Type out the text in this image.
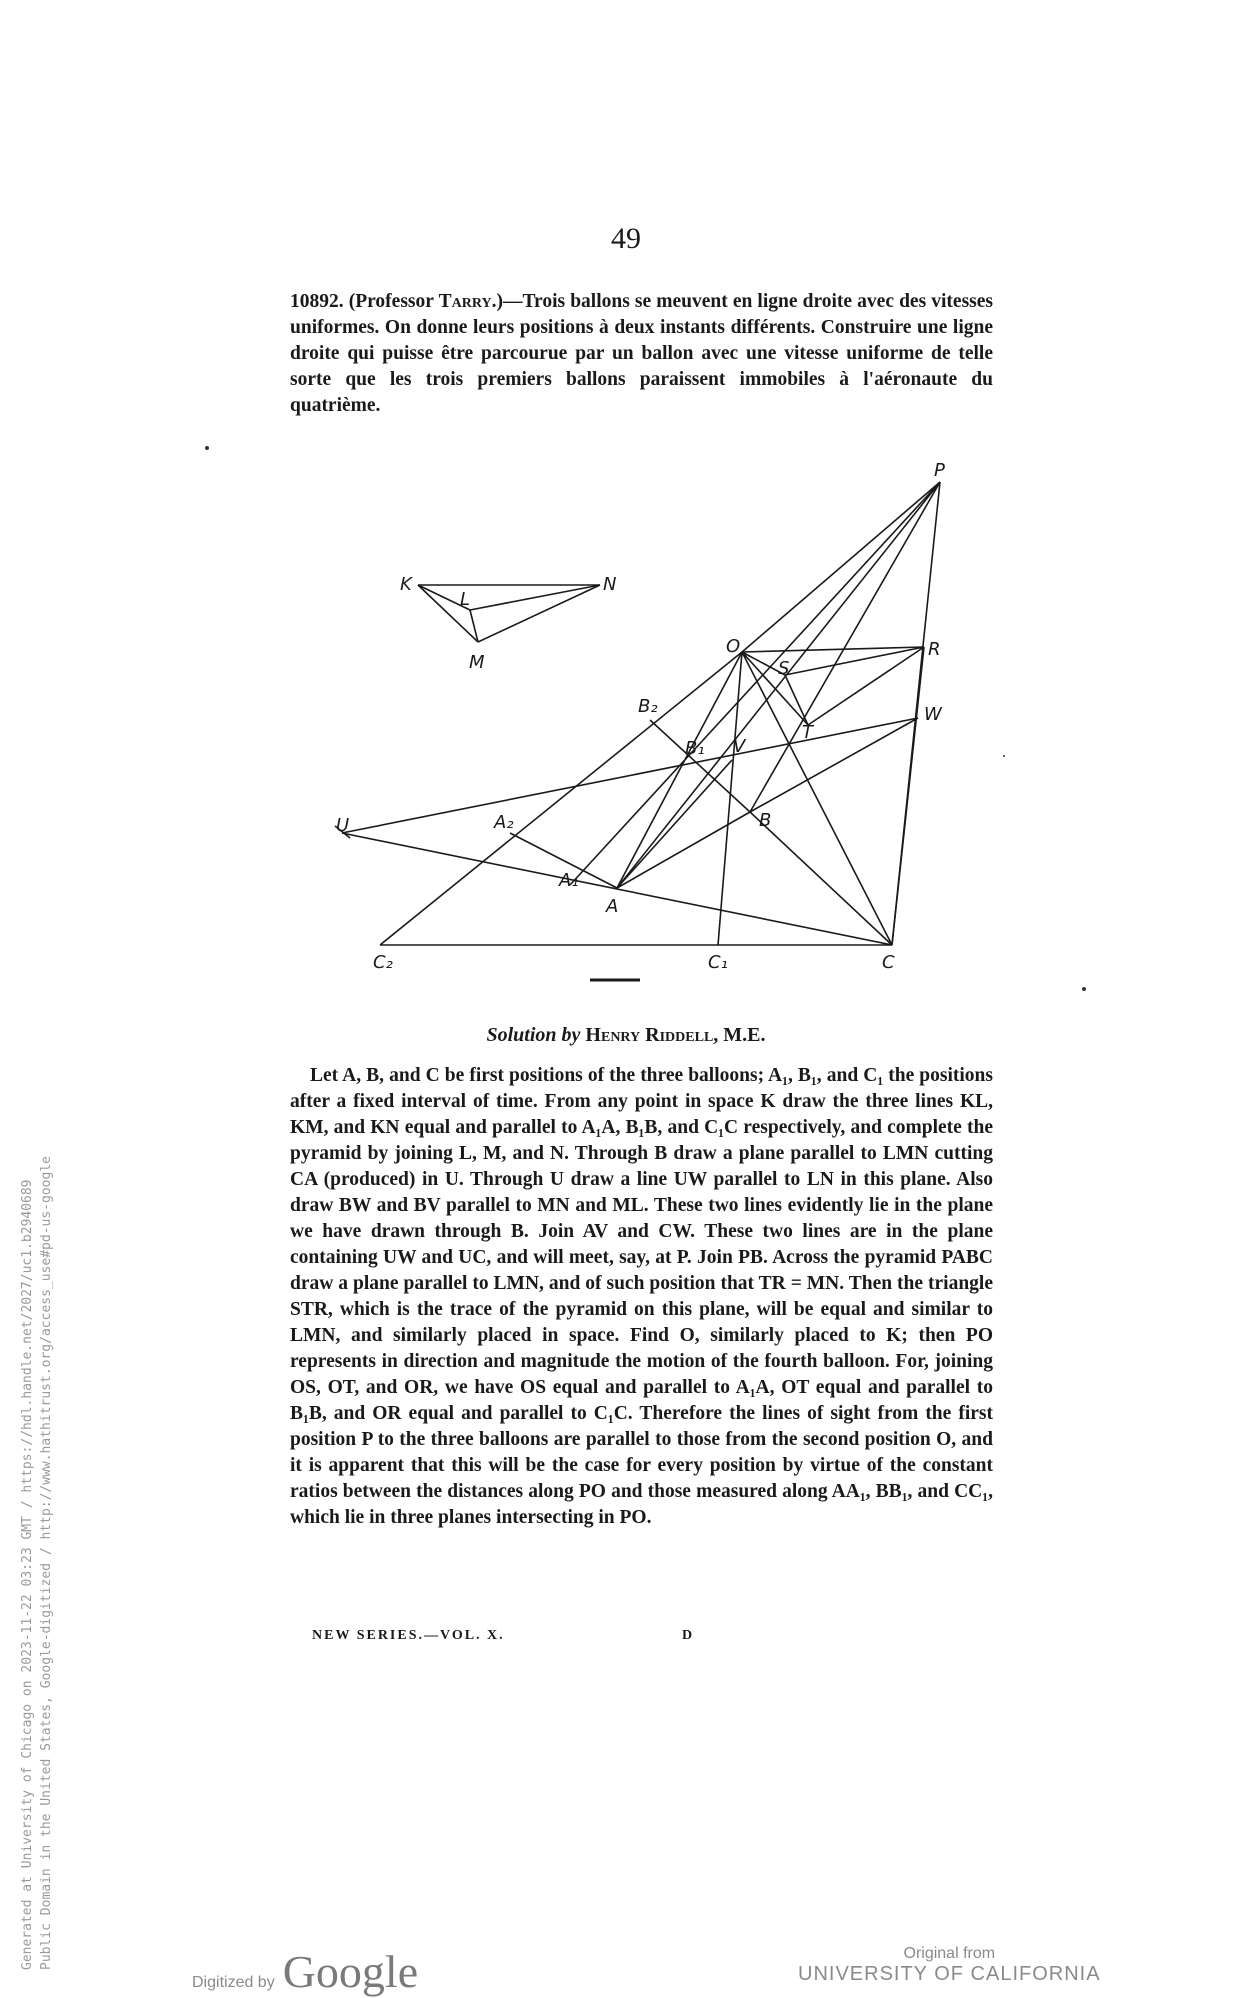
49
10892. (Professor Tarry.)—Trois ballons se meuvent en ligne droite avec des vitesses uniformes. On donne leurs positions à deux instants différents. Construire une ligne droite qui puisse être parcourue par un ballon avec une vitesse uniforme de telle sorte que les trois premiers ballons paraissent immobiles à l'aéronaute du quatrième.
P
K	N
L
M
O	R
S
B₂	W
T
B₁ V
U	A₂	B
A₁
A
C₂	C₁	C
Solution by Henry Riddell, M.E.

Let A, B, and C be first positions of the three balloons; A₁, B₁, and C₁ the positions after a fixed interval of time. From any point in space K draw the three lines KL, KM, and KN equal and parallel to A₁A, B₁B, and C₁C respectively, and complete the pyramid by joining L, M, and N. Through B draw a plane parallel to LMN cutting CA (produced) in U. Through U draw a line UW parallel to LN in this plane. Also draw BW and BV parallel to MN and ML. These two lines evidently lie in the plane we have drawn through B. Join AV and CW. These two lines are in the plane containing UW and UC, and will meet, say, at P. Join PB. Across the pyramid PABC draw a plane parallel to LMN, and of such position that TR = MN. Then the triangle STR, which is the trace of the pyramid on this plane, will be equal and similar to LMN, and similarly placed in space. Find O, similarly placed to K; then PO represents in direction and magnitude the motion of the fourth balloon. For, joining OS, OT, and OR, we have OS equal and parallel to A₁A, OT equal and parallel to B₁B, and OR equal and parallel to C₁C. Therefore the lines of sight from the first position P to the three balloons are parallel to those from the second position O, and it is apparent that this will be the case for every position by virtue of the constant ratios between the distances along PO and those measured along AA₁, BB₁, and CC₁, which lie in three planes intersecting in PO.

NEW SERIES.—VOL. X.	D
Generated at University of Chicago on 2023-11-22 03:23 GMT / https://hdl.handle.net/2027/uc1.b2940689 Public Domain in the United States, Google-digitized / http://www.hathitrust.org/access_use#pd-us-google
Digitized by Google	Original from
UNIVERSITY OF CALIFORNIA
